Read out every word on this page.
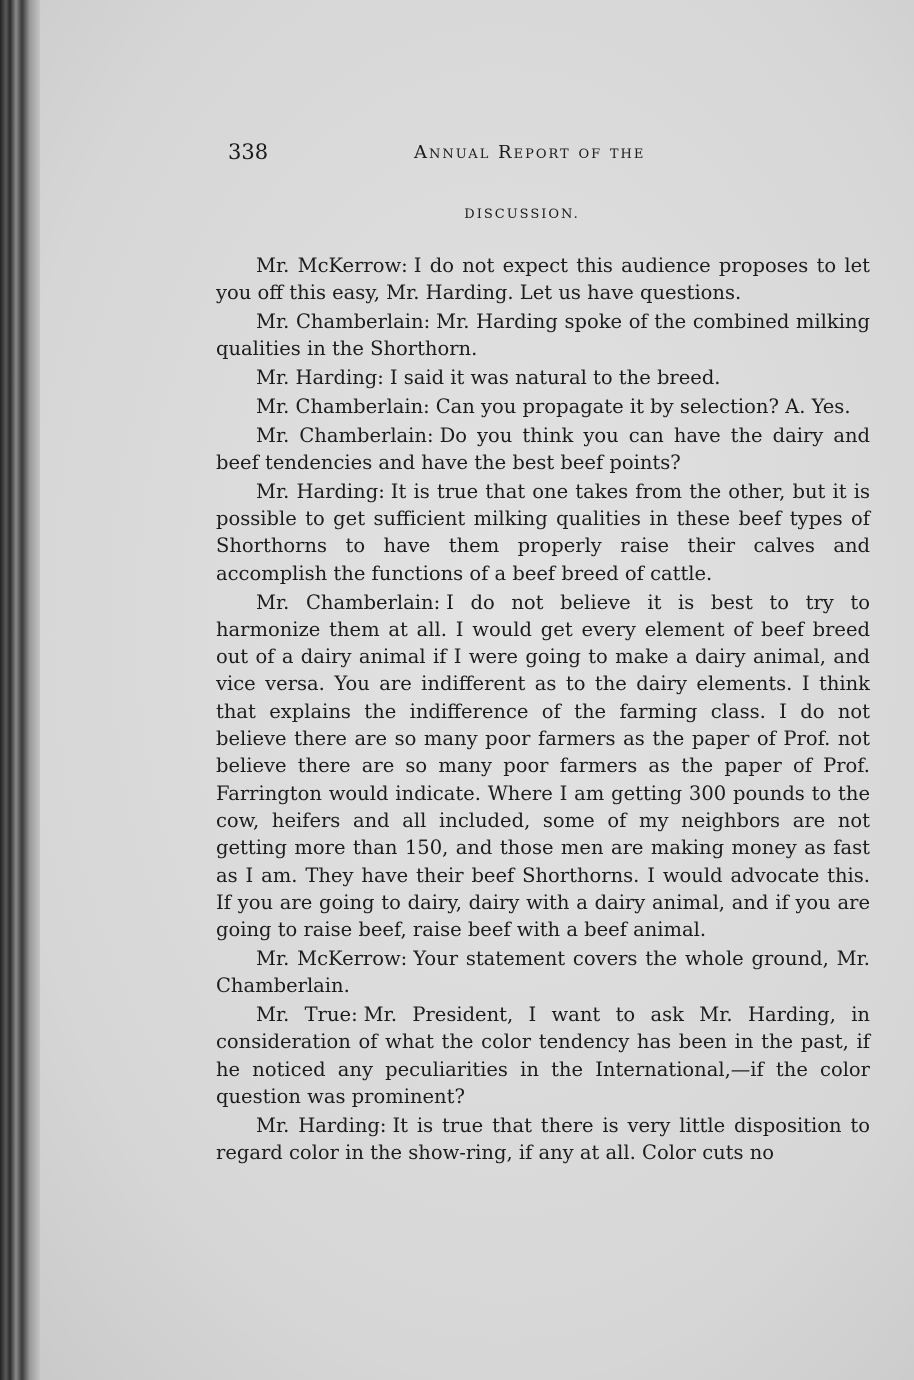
338	Annual Report of the
DISCUSSION.

Mr. McKerrow: I do not expect this audience proposes to let you off this easy, Mr. Harding. Let us have questions.

Mr. Chamberlain: Mr. Harding spoke of the combined milking qualities in the Shorthorn.

Mr. Harding: I said it was natural to the breed.

Mr. Chamberlain: Can you propagate it by selection? A. Yes.

Mr. Chamberlain: Do you think you can have the dairy and beef tendencies and have the best beef points?

Mr. Harding: It is true that one takes from the other, but it is possible to get sufficient milking qualities in these beef types of Shorthorns to have them properly raise their calves and accomplish the functions of a beef breed of cattle.

Mr. Chamberlain: I do not believe it is best to try to harmonize them at all. I would get every element of beef breed out of a dairy animal if I were going to make a dairy animal, and vice versa. You are indifferent as to the dairy elements. I think that explains the indifference of the farming class. I do not believe there are so many poor farmers as the paper of Prof. not believe there are so many poor farmers as the paper of Prof. Farrington would indicate. Where I am getting 300 pounds to the cow, heifers and all included, some of my neighbors are not getting more than 150, and those men are making money as fast as I am. They have their beef Shorthorns. I would advocate this. If you are going to dairy, dairy with a dairy animal, and if you are going to raise beef, raise beef with a beef animal.

Mr. McKerrow: Your statement covers the whole ground, Mr. Chamberlain.

Mr. True: Mr. President, I want to ask Mr. Harding, in consideration of what the color tendency has been in the past, if he noticed any peculiarities in the International,—if the color question was prominent?

Mr. Harding: It is true that there is very little disposition to regard color in the show-ring, if any at all. Color cuts no
